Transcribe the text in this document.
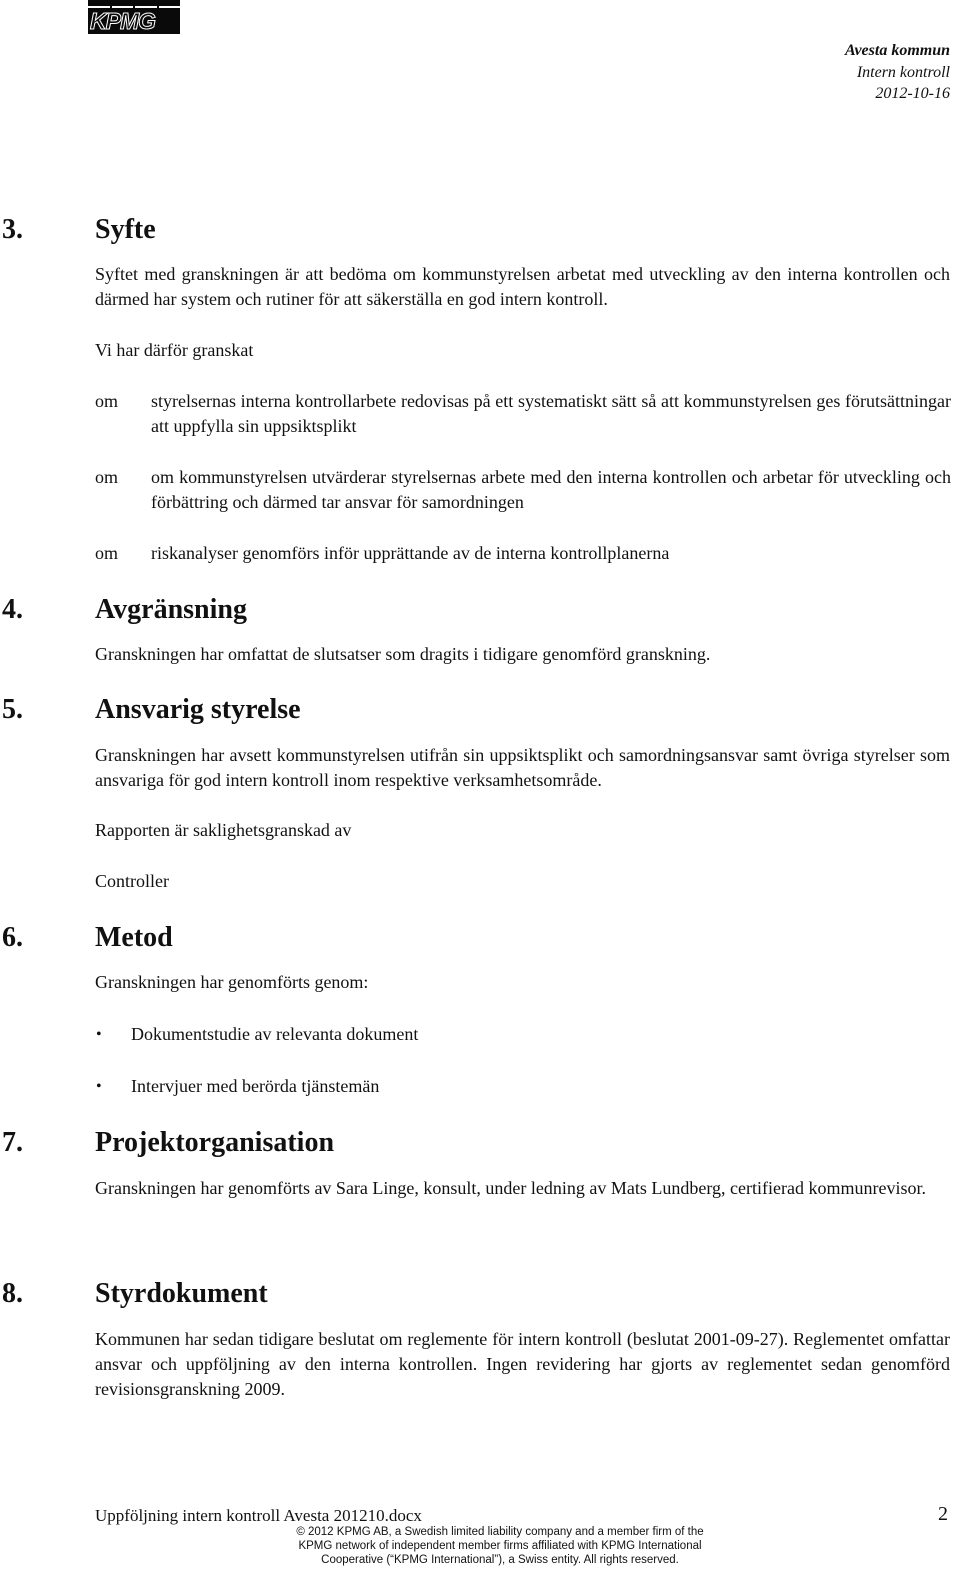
KPMG
Avesta kommun
Intern kontroll
2012-10-16
3.	Syfte

Syftet med granskningen är att bedöma om kommunstyrelsen arbetat med utveckling av den interna kontrollen och därmed har system och rutiner för att säkerställa en god intern kontroll.

Vi har därför granskat

om styrelsernas interna kontrollarbete redovisas på ett systematiskt sätt så att kommunstyrelsen ges förutsättningar att uppfylla sin uppsiktsplikt

om om kommunstyrelsen utvärderar styrelsernas arbete med den interna kontrollen och arbetar för utveckling och förbättring och därmed tar ansvar för samordningen

om riskanalyser genomförs inför upprättande av de interna kontrollplanerna

4.	Avgränsning

Granskningen har omfattat de slutsatser som dragits i tidigare genomförd granskning.

5.	Ansvarig styrelse

Granskningen har avsett kommunstyrelsen utifrån sin uppsiktsplikt och samordningsansvar samt övriga styrelser som ansvariga för god intern kontroll inom respektive verksamhetsområde.

Rapporten är saklighetsgranskad av

Controller

6.	Metod

Granskningen har genomförts genom:

• Dokumentstudie av relevanta dokument
• Intervjuer med berörda tjänstemän
7.	Projektorganisation

Granskningen har genomförts av Sara Linge, konsult, under ledning av Mats Lundberg, certifierad kommunrevisor.

8.	Styrdokument

Kommunen har sedan tidigare beslutat om reglemente för intern kontroll (beslutat 2001-09-27). Reglementet omfattar ansvar och uppföljning av den interna kontrollen. Ingen revidering har gjorts av reglementet sedan genomförd revisionsgranskning 2009.

Uppföljning intern kontroll Avesta 201210.docx	2
© 2012 KPMG AB, a Swedish limited liability company and a member firm of the
KPMG network of independent member firms affiliated with KPMG International
Cooperative (“KPMG International”), a Swiss entity. All rights reserved.
